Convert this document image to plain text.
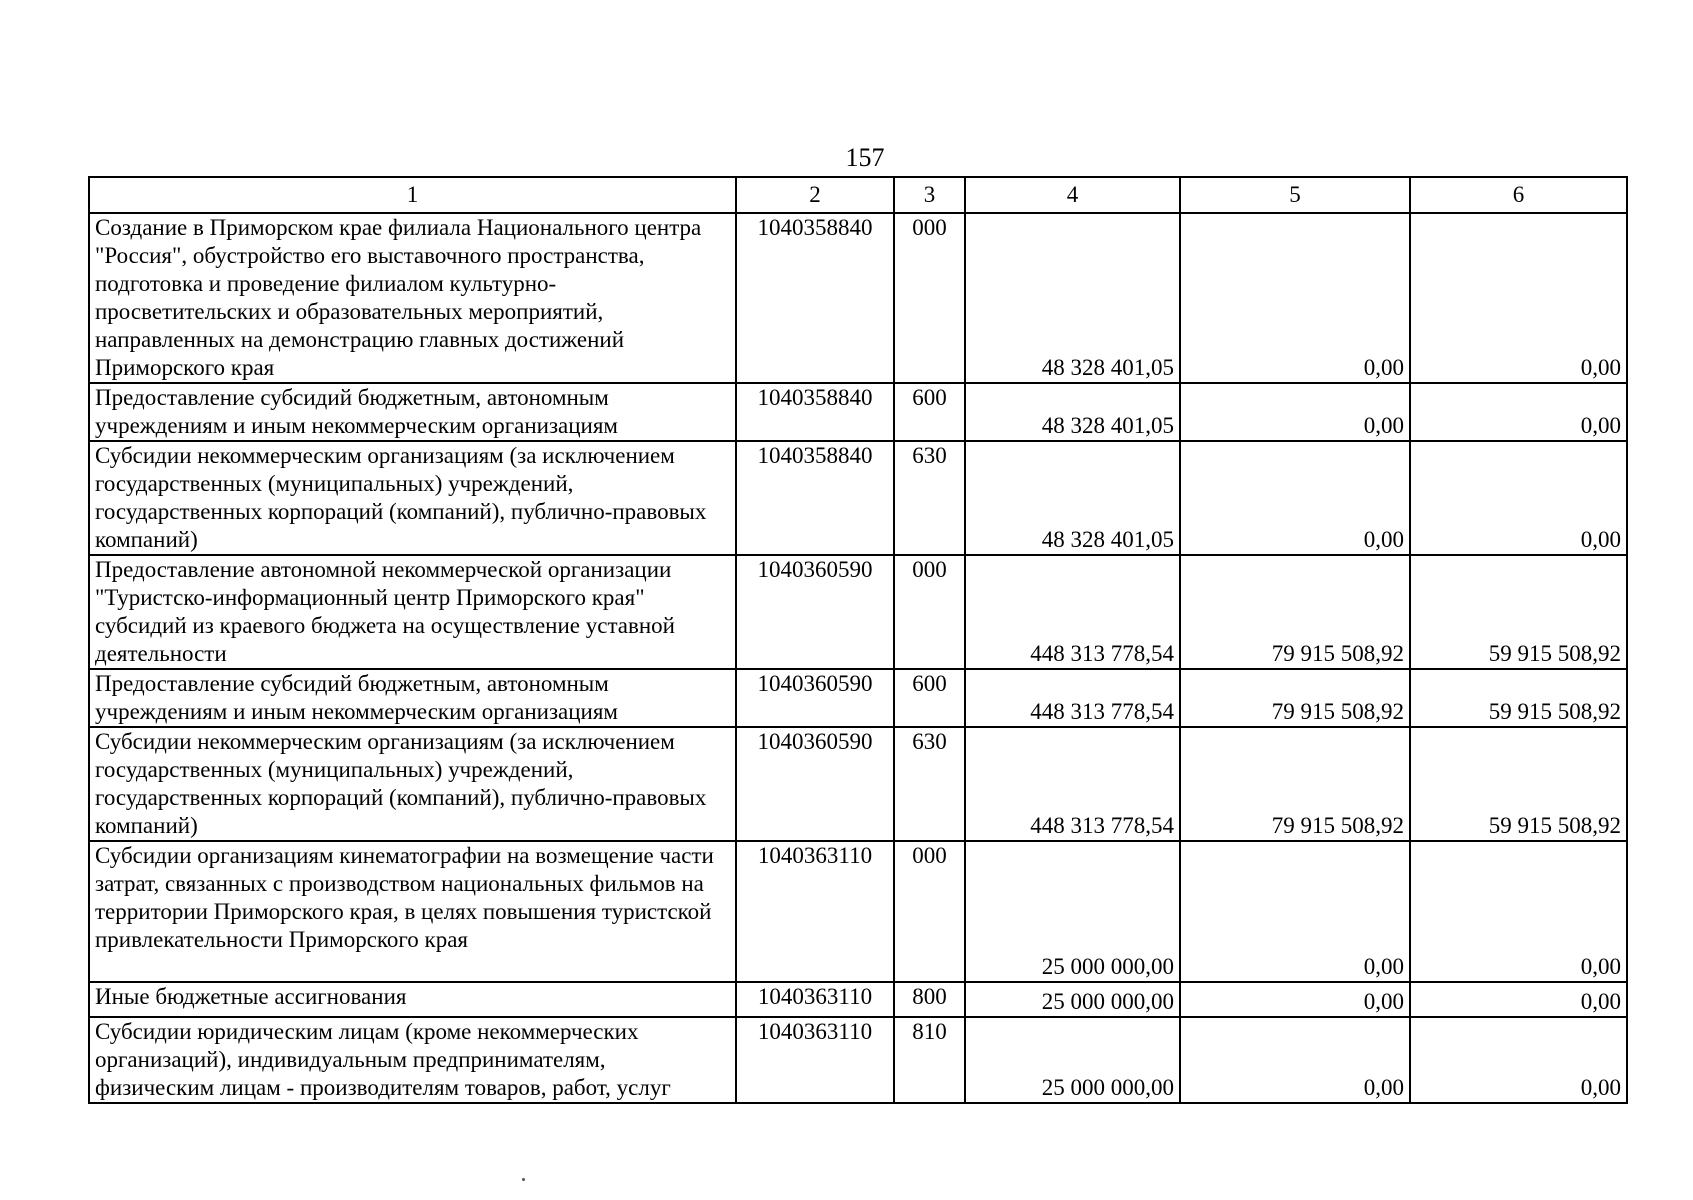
157
1	2	3	4	5	6
Создание в Приморском крае филиала Национального центра "Россия", обустройство его выставочного пространства, подготовка и проведение филиалом культурно-просветительских и образовательных мероприятий, направленных на демонстрацию главных достижений Приморского края	1040358840	000	48 328 401,05	0,00	0,00
Предоставление субсидий бюджетным, автономным учреждениям и иным некоммерческим организациям	1040358840	600	48 328 401,05	0,00	0,00
Субсидии некоммерческим организациям (за исключением государственных (муниципальных) учреждений, государственных корпораций (компаний), публично-правовых компаний)	1040358840	630	48 328 401,05	0,00	0,00
Предоставление автономной некоммерческой организации "Туристско-информационный центр Приморского края" субсидий из краевого бюджета на осуществление уставной деятельности	1040360590	000	448 313 778,54	79 915 508,92	59 915 508,92
Предоставление субсидий бюджетным, автономным учреждениям и иным некоммерческим организациям	1040360590	600	448 313 778,54	79 915 508,92	59 915 508,92
Субсидии некоммерческим организациям (за исключением государственных (муниципальных) учреждений, государственных корпораций (компаний), публично-правовых компаний)	1040360590	630	448 313 778,54	79 915 508,92	59 915 508,92
Субсидии организациям кинематографии на возмещение части затрат, связанных с производством национальных фильмов на территории Приморского края, в целях повышения туристской привлекательности Приморского края	1040363110	000	25 000 000,00	0,00	0,00
Иные бюджетные ассигнования	1040363110	800	25 000 000,00	0,00	0,00
Субсидии юридическим лицам (кроме некоммерческих организаций), индивидуальным предпринимателям, физическим лицам - производителям товаров, работ, услуг	1040363110	810	25 000 000,00	0,00	0,00
